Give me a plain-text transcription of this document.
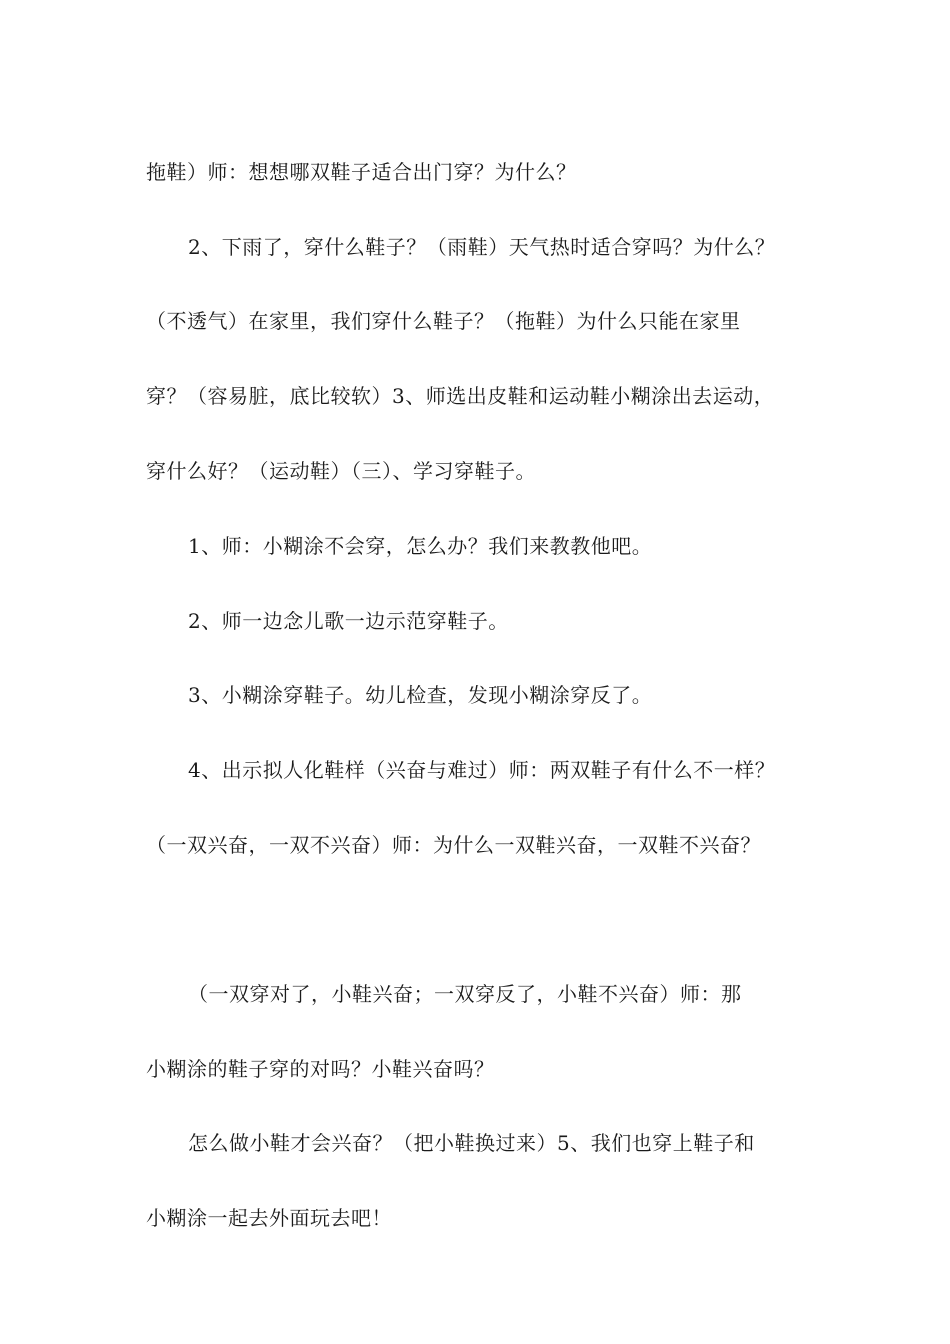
拖鞋）师：想想哪双鞋子适合出门穿？为什么？

2、下雨了，穿什么鞋子？（雨鞋）天气热时适合穿吗？为什么？

（不透气）在家里，我们穿什么鞋子？（拖鞋）为什么只能在家里

穿？（容易脏，底比较软）3、师选出皮鞋和运动鞋小糊涂出去运动，

穿什么好？（运动鞋）（三）、学习穿鞋子。

1、师：小糊涂不会穿，怎么办？我们来教教他吧。

2、师一边念儿歌一边示范穿鞋子。

3、小糊涂穿鞋子。幼儿检查，发现小糊涂穿反了。

4、出示拟人化鞋样（兴奋与难过）师：两双鞋子有什么不一样？

（一双兴奋，一双不兴奋）师：为什么一双鞋兴奋，一双鞋不兴奋？

（一双穿对了，小鞋兴奋；一双穿反了，小鞋不兴奋）师：那

小糊涂的鞋子穿的对吗？小鞋兴奋吗？

怎么做小鞋才会兴奋？（把小鞋换过来）5、我们也穿上鞋子和

小糊涂一起去外面玩去吧！
